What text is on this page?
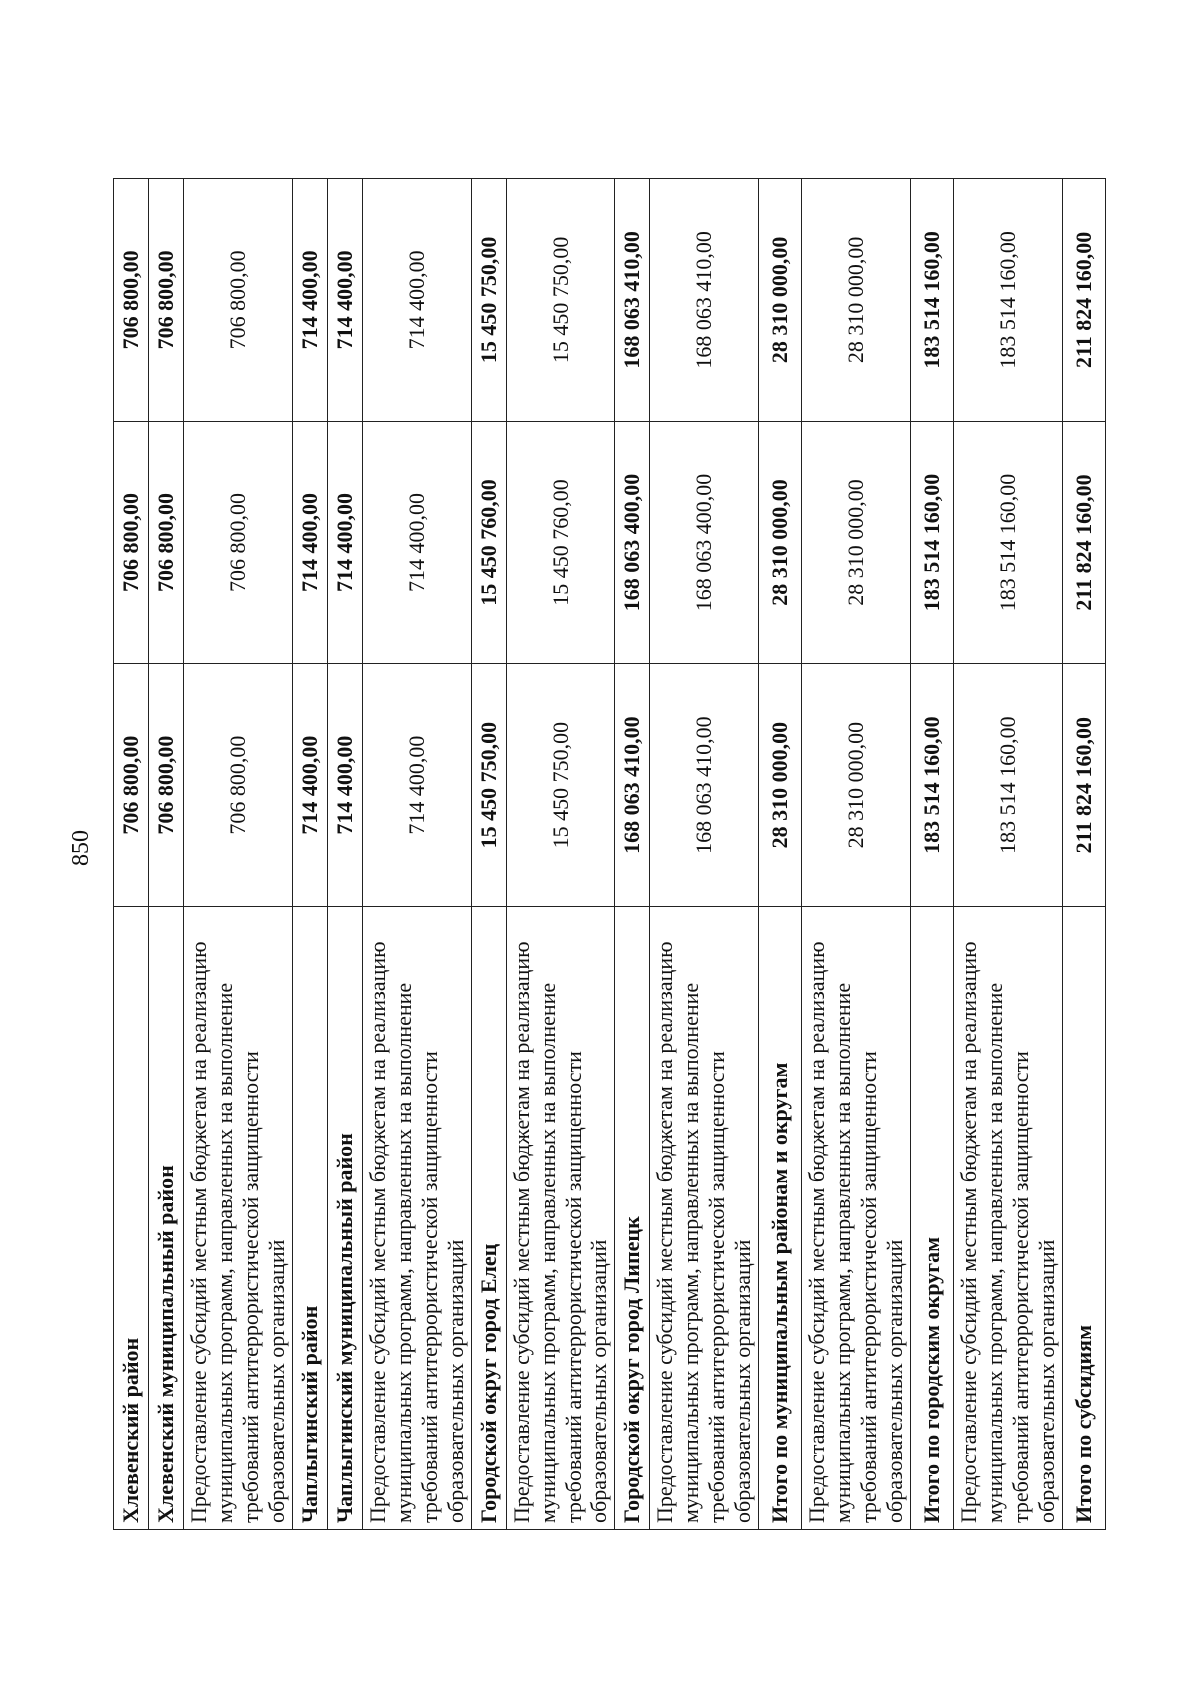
850
Хлевенский район	706 800,00	706 800,00	706 800,00
Хлевенский муниципальный район	706 800,00	706 800,00	706 800,00
Предоставление субсидий местным бюджетам на реализацию муниципальных программ, направленных на выполнение требований антитеррористической защищенности образовательных организаций	706 800,00	706 800,00	706 800,00
Чаплыгинский район	714 400,00	714 400,00	714 400,00
Чаплыгинский муниципальный район	714 400,00	714 400,00	714 400,00
Предоставление субсидий местным бюджетам на реализацию муниципальных программ, направленных на выполнение требований антитеррористической защищенности образовательных организаций	714 400,00	714 400,00	714 400,00
Городской округ город Елец	15 450 750,00	15 450 760,00	15 450 750,00
Предоставление субсидий местным бюджетам на реализацию муниципальных программ, направленных на выполнение требований антитеррористической защищенности образовательных организаций	15 450 750,00	15 450 760,00	15 450 750,00
Городской округ город Липецк	168 063 410,00	168 063 400,00	168 063 410,00
Предоставление субсидий местным бюджетам на реализацию муниципальных программ, направленных на выполнение требований антитеррористической защищенности образовательных организаций	168 063 410,00	168 063 400,00	168 063 410,00
Итого по муниципальным районам и округам	28 310 000,00	28 310 000,00	28 310 000,00
Предоставление субсидий местным бюджетам на реализацию муниципальных программ, направленных на выполнение требований антитеррористической защищенности образовательных организаций	28 310 000,00	28 310 000,00	28 310 000,00
Итого по городским округам	183 514 160,00	183 514 160,00	183 514 160,00
Предоставление субсидий местным бюджетам на реализацию муниципальных программ, направленных на выполнение требований антитеррористической защищенности образовательных организаций	183 514 160,00	183 514 160,00	183 514 160,00
Итого по субсидиям	211 824 160,00	211 824 160,00	211 824 160,00
